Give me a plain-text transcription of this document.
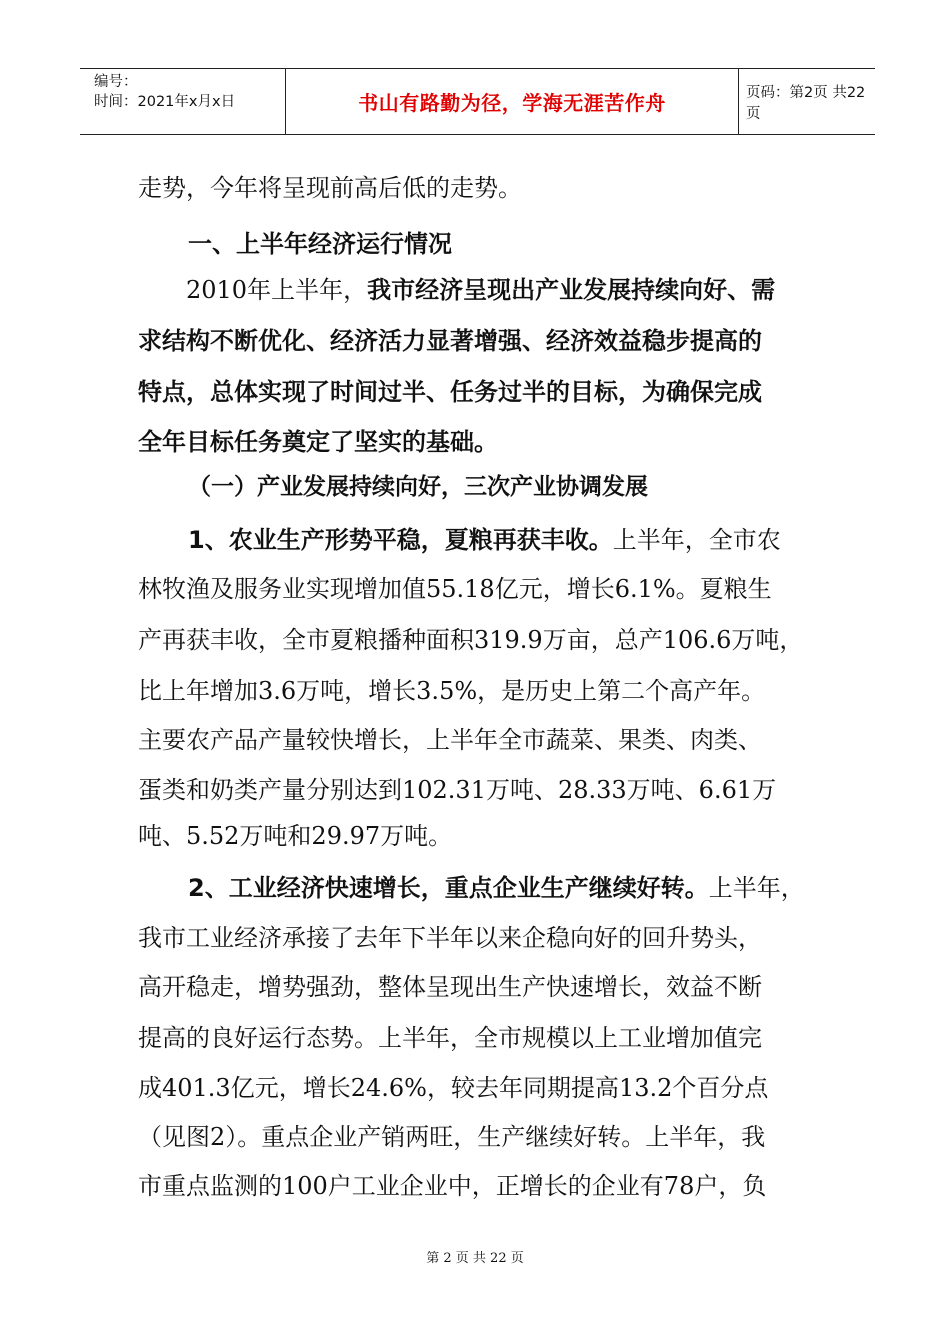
编号：
时间：2021年x月x日	书山有路勤为径，学海无涯苦作舟	页码：第2页 共22页
走势，今年将呈现前高后低的走势。
一、上半年经济运行情况
2010年上半年，我市经济呈现出产业发展持续向好、需
求结构不断优化、经济活力显著增强、经济效益稳步提高的
特点，总体实现了时间过半、任务过半的目标，为确保完成
全年目标任务奠定了坚实的基础。
（一）产业发展持续向好，三次产业协调发展
1、农业生产形势平稳，夏粮再获丰收。上半年，全市农
林牧渔及服务业实现增加值55.18亿元，增长6.1%。夏粮生
产再获丰收，全市夏粮播种面积319.9万亩，总产106.6万吨，
比上年增加3.6万吨，增长3.5%，是历史上第二个高产年。
主要农产品产量较快增长，上半年全市蔬菜、果类、肉类、
蛋类和奶类产量分别达到102.31万吨、28.33万吨、6.61万
吨、5.52万吨和29.97万吨。
2、工业经济快速增长，重点企业生产继续好转。上半年，
我市工业经济承接了去年下半年以来企稳向好的回升势头，
高开稳走，增势强劲，整体呈现出生产快速增长，效益不断
提高的良好运行态势。上半年，全市规模以上工业增加值完
成401.3亿元，增长24.6%，较去年同期提高13.2个百分点
（见图2）。重点企业产销两旺，生产继续好转。上半年，我
市重点监测的100户工业企业中，正增长的企业有78户，负
第 2 页 共 22 页
